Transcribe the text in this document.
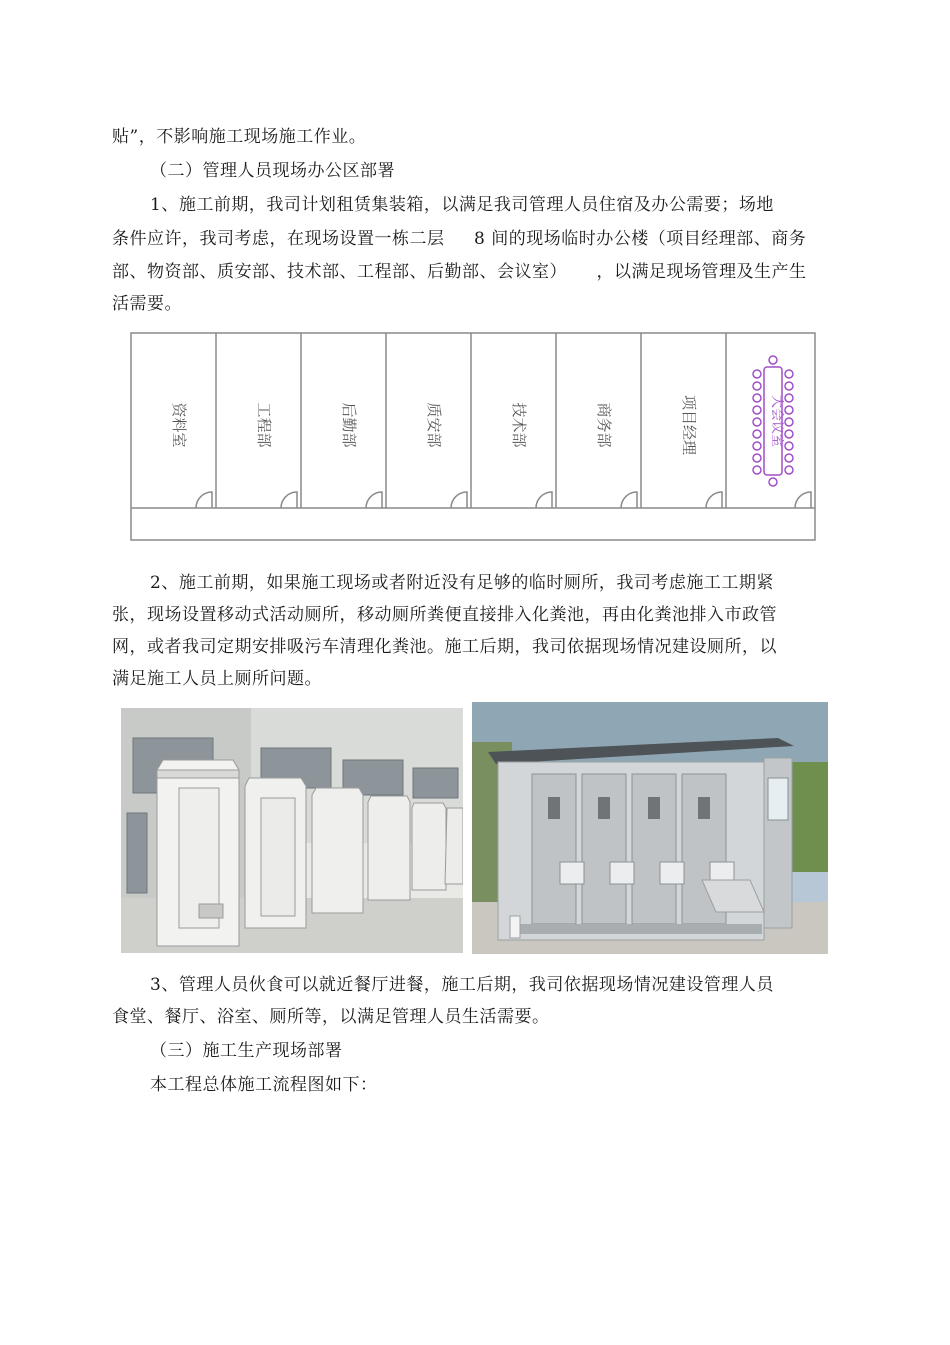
贴”，不影响施工现场施工作业。
（二）管理人员现场办公区部署
1、施工前期，我司计划租赁集装箱，以满足我司管理人员住宿及办公需要；场地
条件应许，我司考虑，在现场设置一栋二层     8 间的现场临时办公楼（项目经理部、商务
部、物资部、质安部、技术部、工程部、后勤部、会议室）     ，以满足现场管理及生产生
活需要。
资料室	工程部	后勤部	质安部	技术部	商务部	项目经理	大会议室
2、施工前期，如果施工现场或者附近没有足够的临时厕所，我司考虑施工工期紧
张，现场设置移动式活动厕所，移动厕所粪便直接排入化粪池，再由化粪池排入市政管
网，或者我司定期安排吸污车清理化粪池。施工后期，我司依据现场情况建设厕所，以
满足施工人员上厕所问题。
3、管理人员伙食可以就近餐厅进餐，施工后期，我司依据现场情况建设管理人员
食堂、餐厅、浴室、厕所等，以满足管理人员生活需要。
（三）施工生产现场部署
本工程总体施工流程图如下：
